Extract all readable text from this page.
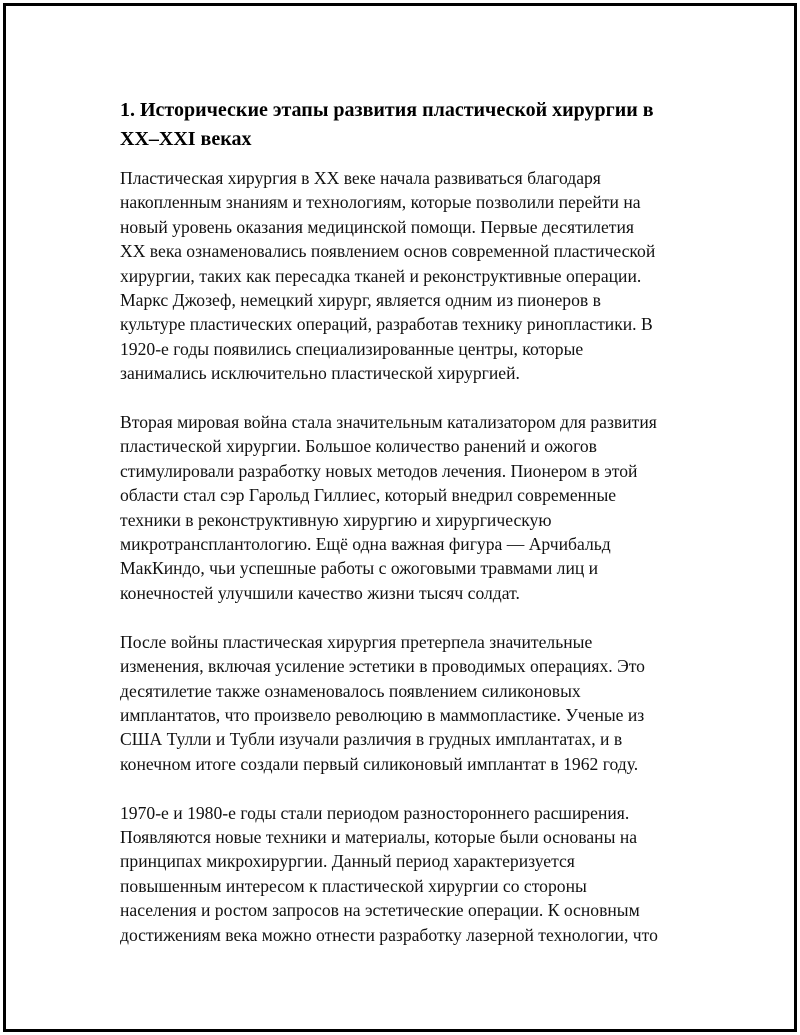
1. Исторические этапы развития пластической хирургии в
XX–XXI веках

Пластическая хирургия в XX веке начала развиваться благодаря
накопленным знаниям и технологиям, которые позволили перейти на
новый уровень оказания медицинской помощи. Первые десятилетия
XX века ознаменовались появлением основ современной пластической
хирургии, таких как пересадка тканей и реконструктивные операции.
Маркс Джозеф, немецкий хирург, является одним из пионеров в
культуре пластических операций, разработав технику ринопластики. В
1920-е годы появились специализированные центры, которые
занимались исключительно пластической хирургией.

Вторая мировая война стала значительным катализатором для развития
пластической хирургии. Большое количество ранений и ожогов
стимулировали разработку новых методов лечения. Пионером в этой
области стал сэр Гарольд Гиллиес, который внедрил современные
техники в реконструктивную хирургию и хирургическую
микротрансплантологию. Ещё одна важная фигура — Арчибальд
МакКиндо, чьи успешные работы с ожоговыми травмами лиц и
конечностей улучшили качество жизни тысяч солдат.

После войны пластическая хирургия претерпела значительные
изменения, включая усиление эстетики в проводимых операциях. Это
десятилетие также ознаменовалось появлением силиконовых
имплантатов, что произвело революцию в маммопластике. Ученые из
США Тулли и Тубли изучали различия в грудных имплантатах, и в
конечном итоге создали первый силиконовый имплантат в 1962 году.

1970-е и 1980-е годы стали периодом разностороннего расширения.
Появляются новые техники и материалы, которые были основаны на
принципах микрохирургии. Данный период характеризуется
повышенным интересом к пластической хирургии со стороны
населения и ростом запросов на эстетические операции. К основным
достижениям века можно отнести разработку лазерной технологии, что
